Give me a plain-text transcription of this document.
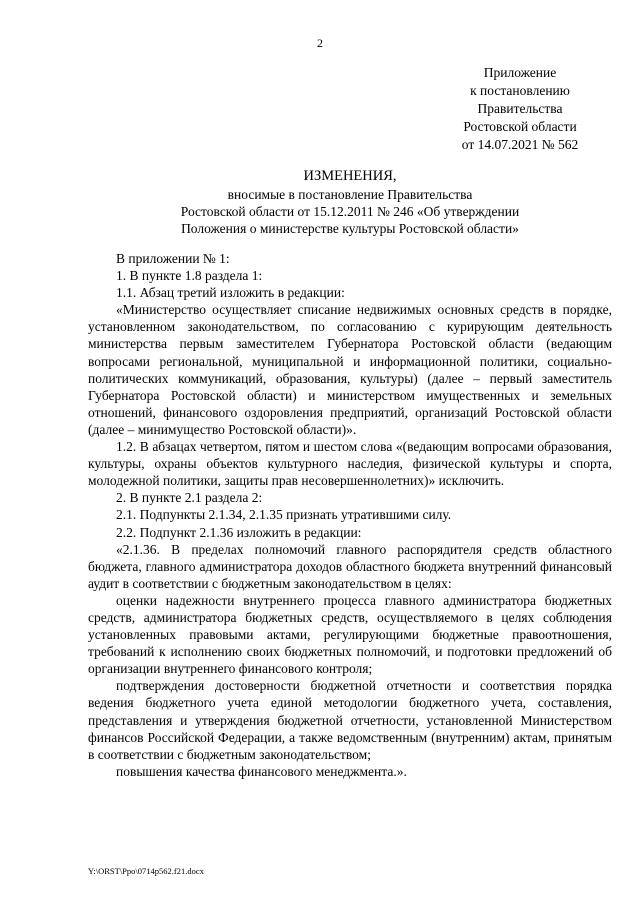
2
Приложение
к постановлению
Правительства
Ростовской области
от 14.07.2021 № 562
ИЗМЕНЕНИЯ,
вносимые в постановление Правительства
Ростовской области от 15.12.2011 № 246 «Об утверждении
Положения о министерстве культуры Ростовской области»

В приложении № 1:

1. В пункте 1.8 раздела 1:

1.1. Абзац третий изложить в редакции:

«Министерство осуществляет списание недвижимых основных средств в порядке, установленном законодательством, по согласованию с курирующим деятельность министерства первым заместителем Губернатора Ростовской области (ведающим вопросами региональной, муниципальной и информационной политики, социально-политических коммуникаций, образования, культуры) (далее – первый заместитель Губернатора Ростовской области) и министерством имущественных и земельных отношений, финансового оздоровления предприятий, организаций Ростовской области (далее – минимущество Ростовской области)».

1.2. В абзацах четвертом, пятом и шестом слова «(ведающим вопросами образования, культуры, охраны объектов культурного наследия, физической культуры и спорта, молодежной политики, защиты прав несовершеннолетних)» исключить.

2. В пункте 2.1 раздела 2:

2.1. Подпункты 2.1.34, 2.1.35 признать утратившими силу.

2.2. Подпункт 2.1.36 изложить в редакции:

«2.1.36. В пределах полномочий главного распорядителя средств областного бюджета, главного администратора доходов областного бюджета внутренний финансовый аудит в соответствии с бюджетным законодательством в целях:

оценки надежности внутреннего процесса главного администратора бюджетных средств, администратора бюджетных средств, осуществляемого в целях соблюдения установленных правовыми актами, регулирующими бюджетные правоотношения, требований к исполнению своих бюджетных полномочий, и подготовки предложений об организации внутреннего финансового контроля;

подтверждения достоверности бюджетной отчетности и соответствия порядка ведения бюджетного учета единой методологии бюджетного учета, составления, представления и утверждения бюджетной отчетности, установленной Министерством финансов Российской Федерации, а также ведомственным (внутренним) актам, принятым в соответствии с бюджетным законодательством;

повышения качества финансового менеджмента.».

Y:\ORST\Ppo\0714p562.f21.docx
